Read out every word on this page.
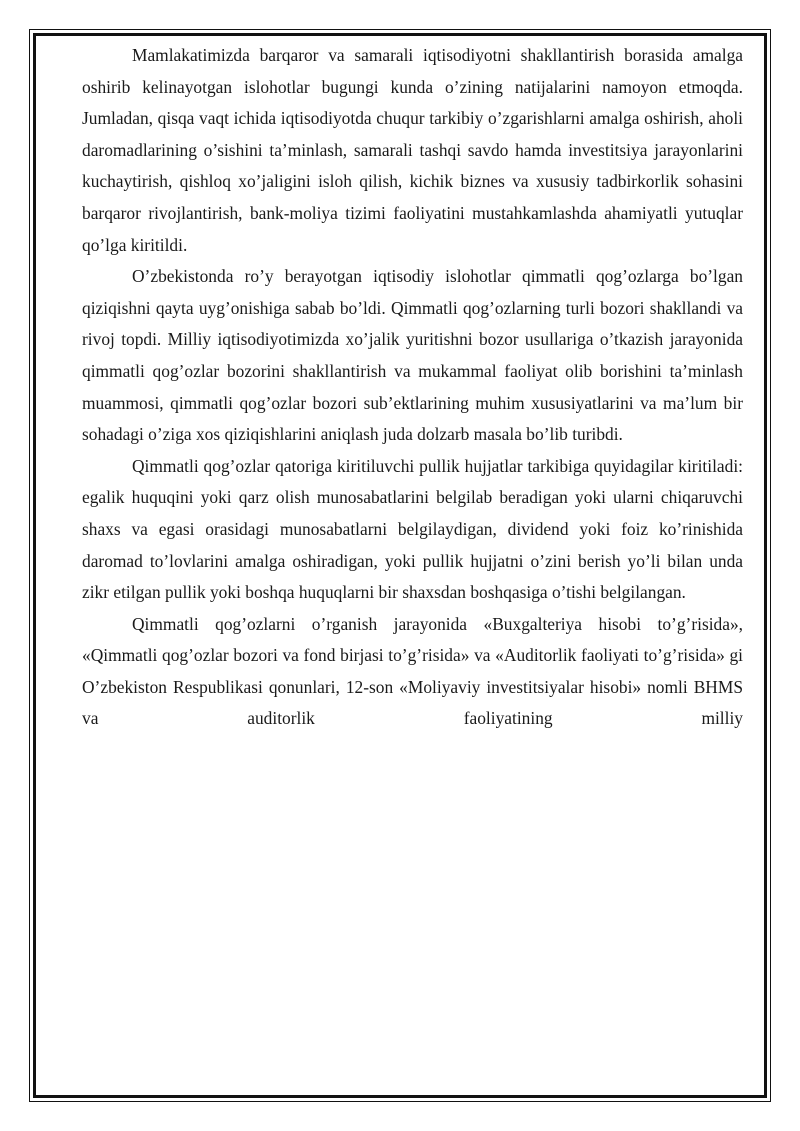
Mamlakatimizda barqaror va samarali iqtisodiyotni shakllantirish borasida amalga oshirib kelinayotgan islohotlar bugungi kunda o’zining natijalarini namoyon etmoqda. Jumladan, qisqa vaqt ichida iqtisodiyotda chuqur tarkibiy o’zgarishlarni amalga oshirish, aholi daromadlarining o’sishini ta’minlash, samarali tashqi savdo hamda investitsiya jarayonlarini kuchaytirish, qishloq xo’jaligini isloh qilish, kichik biznes va xususiy tadbirkorlik sohasini barqaror rivojlantirish, bank-moliya tizimi faoliyatini mustahkamlashda ahamiyatli yutuqlar qo’lga kiritildi.

O’zbekistonda ro’y berayotgan iqtisodiy islohotlar qimmatli qog’ozlarga bo’lgan qiziqishni qayta uyg’onishiga sabab bo’ldi. Qimmatli qog’ozlarning turli bozori shakllandi va rivoj topdi. Milliy iqtisodiyotimizda xo’jalik yuritishni bozor usullariga o’tkazish jarayonida qimmatli qog’ozlar bozorini shakllantirish va mukammal faoliyat olib borishini ta’minlash muammosi, qimmatli qog’ozlar bozori sub’ektlarining muhim xususiyatlarini va ma’lum bir sohadagi o’ziga xos qiziqishlarini aniqlash juda dolzarb masala bo’lib turibdi.

Qimmatli qog’ozlar qatoriga kiritiluvchi pullik hujjatlar tarkibiga quyidagilar kiritiladi: egalik huquqini yoki qarz olish munosabatlarini belgilab beradigan yoki ularni chiqaruvchi shaxs va egasi orasidagi munosabatlarni belgilaydigan, dividend yoki foiz ko’rinishida daromad to’lovlarini amalga oshiradigan, yoki pullik hujjatni o’zini berish yo’li bilan unda zikr etilgan pullik yoki boshqa huquqlarni bir shaxsdan boshqasiga o’tishi belgilangan.

Qimmatli qog’ozlarni o’rganish jarayonida «Buxgalteriya hisobi to’g’risida», «Qimmatli qog’ozlar bozori va fond birjasi to’g’risida» va «Auditorlik faoliyati to’g’risida» gi O’zbekiston Respublikasi qonunlari, 12-son «Moliyaviy investitsiyalar hisobi» nomli BHMS va auditorlik faoliyatining milliy
